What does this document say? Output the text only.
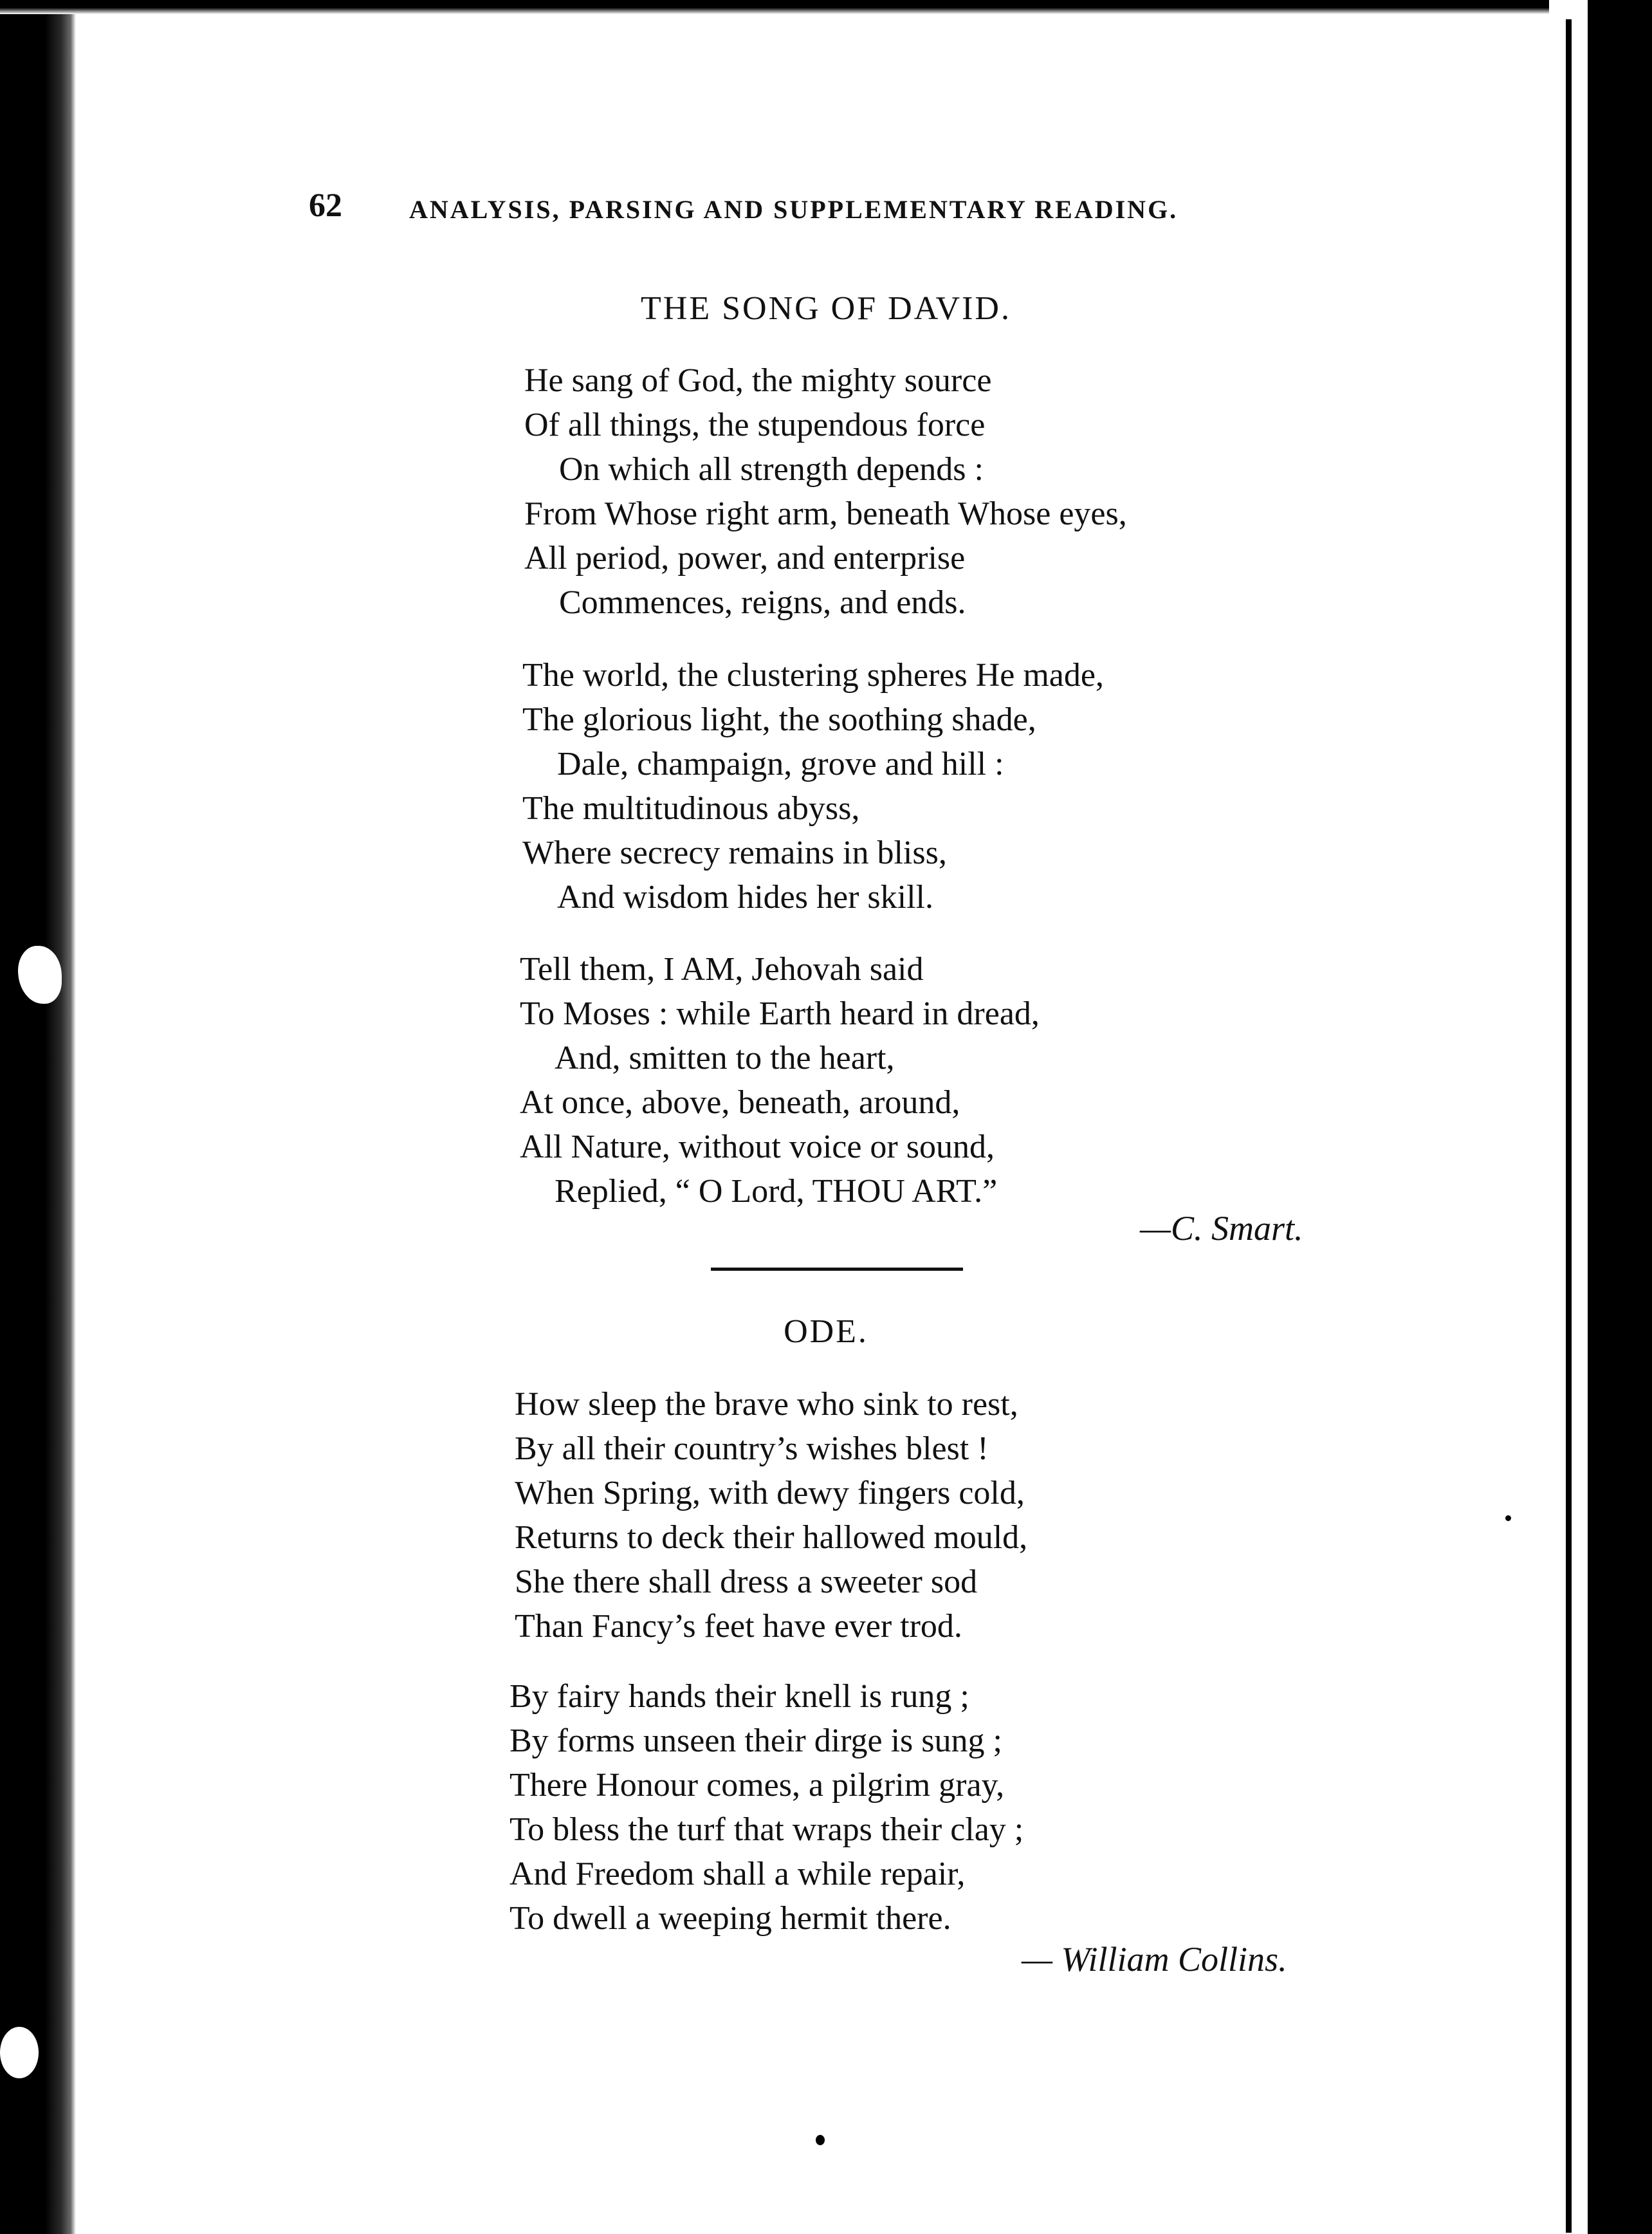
62	ANALYSIS, PARSING AND SUPPLEMENTARY READING.
THE SONG OF DAVID.
He sang of God, the mighty source
Of all things, the stupendous force
On which all strength depends :
From Whose right arm, beneath Whose eyes,
All period, power, and enterprise
Commences, reigns, and ends.
The world, the clustering spheres He made,
The glorious light, the soothing shade,
Dale, champaign, grove and hill :
The multitudinous abyss,
Where secrecy remains in bliss,
And wisdom hides her skill.
Tell them, I AM, Jehovah said
To Moses : while Earth heard in dread,
And, smitten to the heart,
At once, above, beneath, around,
All Nature, without voice or sound,
Replied, “ O Lord, THOU ART.”
—C. Smart.
ODE.
How sleep the brave who sink to rest,
By all their country’s wishes blest !
When Spring, with dewy fingers cold,
Returns to deck their hallowed mould,
She there shall dress a sweeter sod
Than Fancy’s feet have ever trod.
By fairy hands their knell is rung ;
By forms unseen their dirge is sung ;
There Honour comes, a pilgrim gray,
To bless the turf that wraps their clay ;
And Freedom shall a while repair,
To dwell a weeping hermit there.
— William Collins.
